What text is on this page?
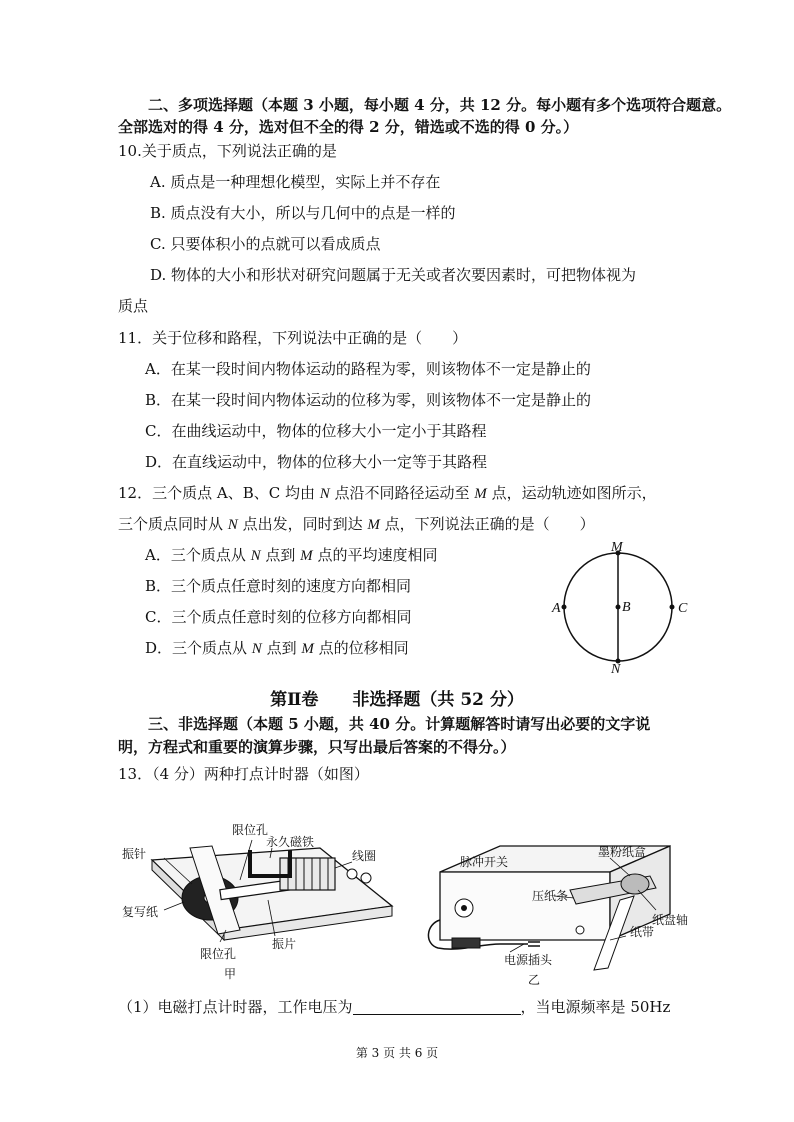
二、多项选择题（本题 3 小题，每小题 4 分，共 12 分。每小题有多个选项符合题意。
全部选对的得 4 分，选对但不全的得 2 分，错选或不选的得 0 分。）
10.关于质点，下列说法正确的是
A. 质点是一种理想化模型，实际上并不存在
B. 质点没有大小，所以与几何中的点是一样的
C. 只要体积小的点就可以看成质点
D. 物体的大小和形状对研究问题属于无关或者次要因素时，可把物体视为
质点
11．关于位移和路程，下列说法中正确的是（　　）
A．在某一段时间内物体运动的路程为零，则该物体不一定是静止的
B．在某一段时间内物体运动的位移为零，则该物体不一定是静止的
C．在曲线运动中，物体的位移大小一定小于其路程
D．在直线运动中，物体的位移大小一定等于其路程
12．三个质点 A、B、C 均由 N 点沿不同路径运动至 M 点，运动轨迹如图所示，
三个质点同时从 N 点出发，同时到达 M 点，下列说法正确的是（　　）
A．三个质点从 N 点到 M 点的平均速度相同
B．三个质点任意时刻的速度方向都相同
C．三个质点任意时刻的位移方向都相同
D．三个质点从 N 点到 M 点的位移相同
M
N
A	B	C
第Ⅱ卷　　非选择题（共 52 分）
三、非选择题（本题 5 小题，共 40 分。计算题解答时请写出必要的文字说
明，方程式和重要的演算步骤，只写出最后答案的不得分。）
13．（4 分）两种打点计时器（如图）
限位孔
永久磁铁
振针	线圈
复写纸
振片
限位孔
甲
脉冲开关
墨粉纸盒
压纸条
纸盘轴
纸带
电源插头
乙
（1）电磁打点计时器，工作电压为	，当电源频率是 50Hz
第 3 页 共 6 页
